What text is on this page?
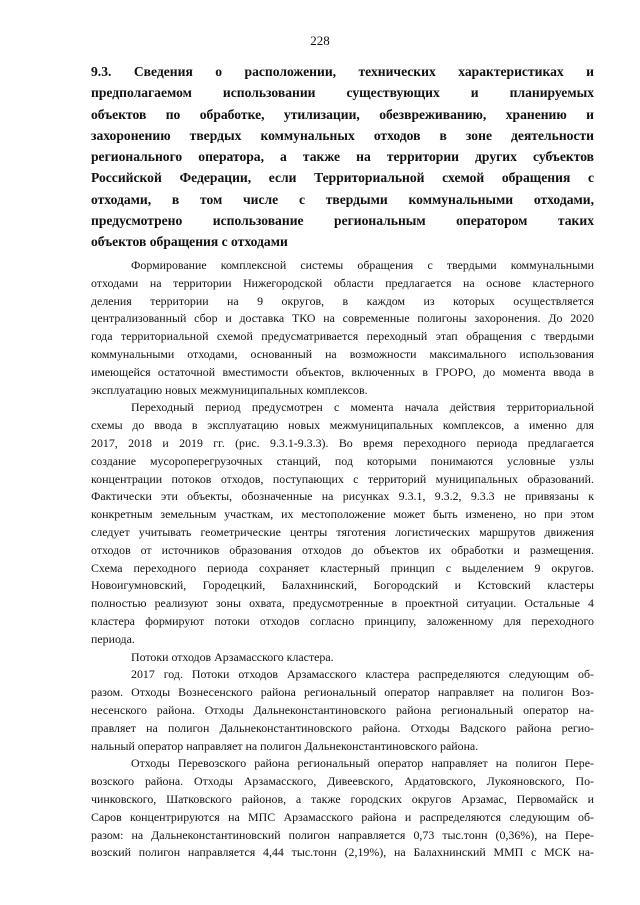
228
9.3. Сведения о расположении, технических характеристиках и
предполагаемом использовании существующих и планируемых
объектов по обработке, утилизации, обезвреживанию, хранению и
захоронению твердых коммунальных отходов в зоне деятельности
регионального оператора, а также на территории других субъектов
Российской Федерации, если Территориальной схемой обращения с
отходами, в том числе с твердыми коммунальными отходами,
предусмотрено использование региональным оператором таких
объектов обращения с отходами
Формирование комплексной системы обращения с твердыми коммунальными
отходами на территории Нижегородской области предлагается на основе кластерного
деления территории на 9 округов, в каждом из которых осуществляется
централизованный сбор и доставка ТКО на современные полигоны захоронения. До 2020
года территориальной схемой предусматривается переходный этап обращения с твердыми
коммунальными отходами, основанный на возможности максимального использования
имеющейся остаточной вместимости объектов, включенных в ГРОРО, до момента ввода в
эксплуатацию новых межмуниципальных комплексов.
Переходный период предусмотрен с момента начала действия территориальной
схемы до ввода в эксплуатацию новых межмуниципальных комплексов, а именно для
2017, 2018 и 2019 гг. (рис. 9.3.1-9.3.3). Во время переходного периода предлагается
создание мусороперегрузочных станций, под которыми понимаются условные узлы
концентрации потоков отходов, поступающих с территорий муниципальных образований.
Фактически эти объекты, обозначенные на рисунках 9.3.1, 9.3.2, 9.3.3 не привязаны к
конкретным земельным участкам, их местоположение может быть изменено, но при этом
следует учитывать геометрические центры тяготения логистических маршрутов движения
отходов от источников образования отходов до объектов их обработки и размещения.
Схема переходного периода сохраняет кластерный принцип с выделением 9 округов.
Новоигумновский, Городецкий, Балахнинский, Богородский и Кстовский кластеры
полностью реализуют зоны охвата, предусмотренные в проектной ситуации. Остальные 4
кластера формируют потоки отходов согласно принципу, заложенному для переходного
периода.
Потоки отходов Арзамасского кластера.
2017 год. Потоки отходов Арзамасского кластера распределяются следующим об-
разом. Отходы Вознесенского района региональный оператор направляет на полигон Воз-
несенского района. Отходы Дальнеконстантиновского района региональный оператор на-
правляет на полигон Дальнеконстантиновского района. Отходы Вадского района регио-
нальный оператор направляет на полигон Дальнеконстантиновского района.
Отходы Перевозского района региональный оператор направляет на полигон Пере-
возского района. Отходы Арзамасского, Дивеевского, Ардатовского, Лукояновского, По-
чинковского, Шатковского районов, а также городских округов Арзамас, Первомайск и
Саров концентрируются на МПС Арзамасского района и распределяются следующим об-
разом: на Дальнеконстантиновский полигон направляется 0,73 тыс.тонн (0,36%), на Пере-
возский полигон направляется 4,44 тыс.тонн (2,19%), на Балахнинский ММП с МСК на-
